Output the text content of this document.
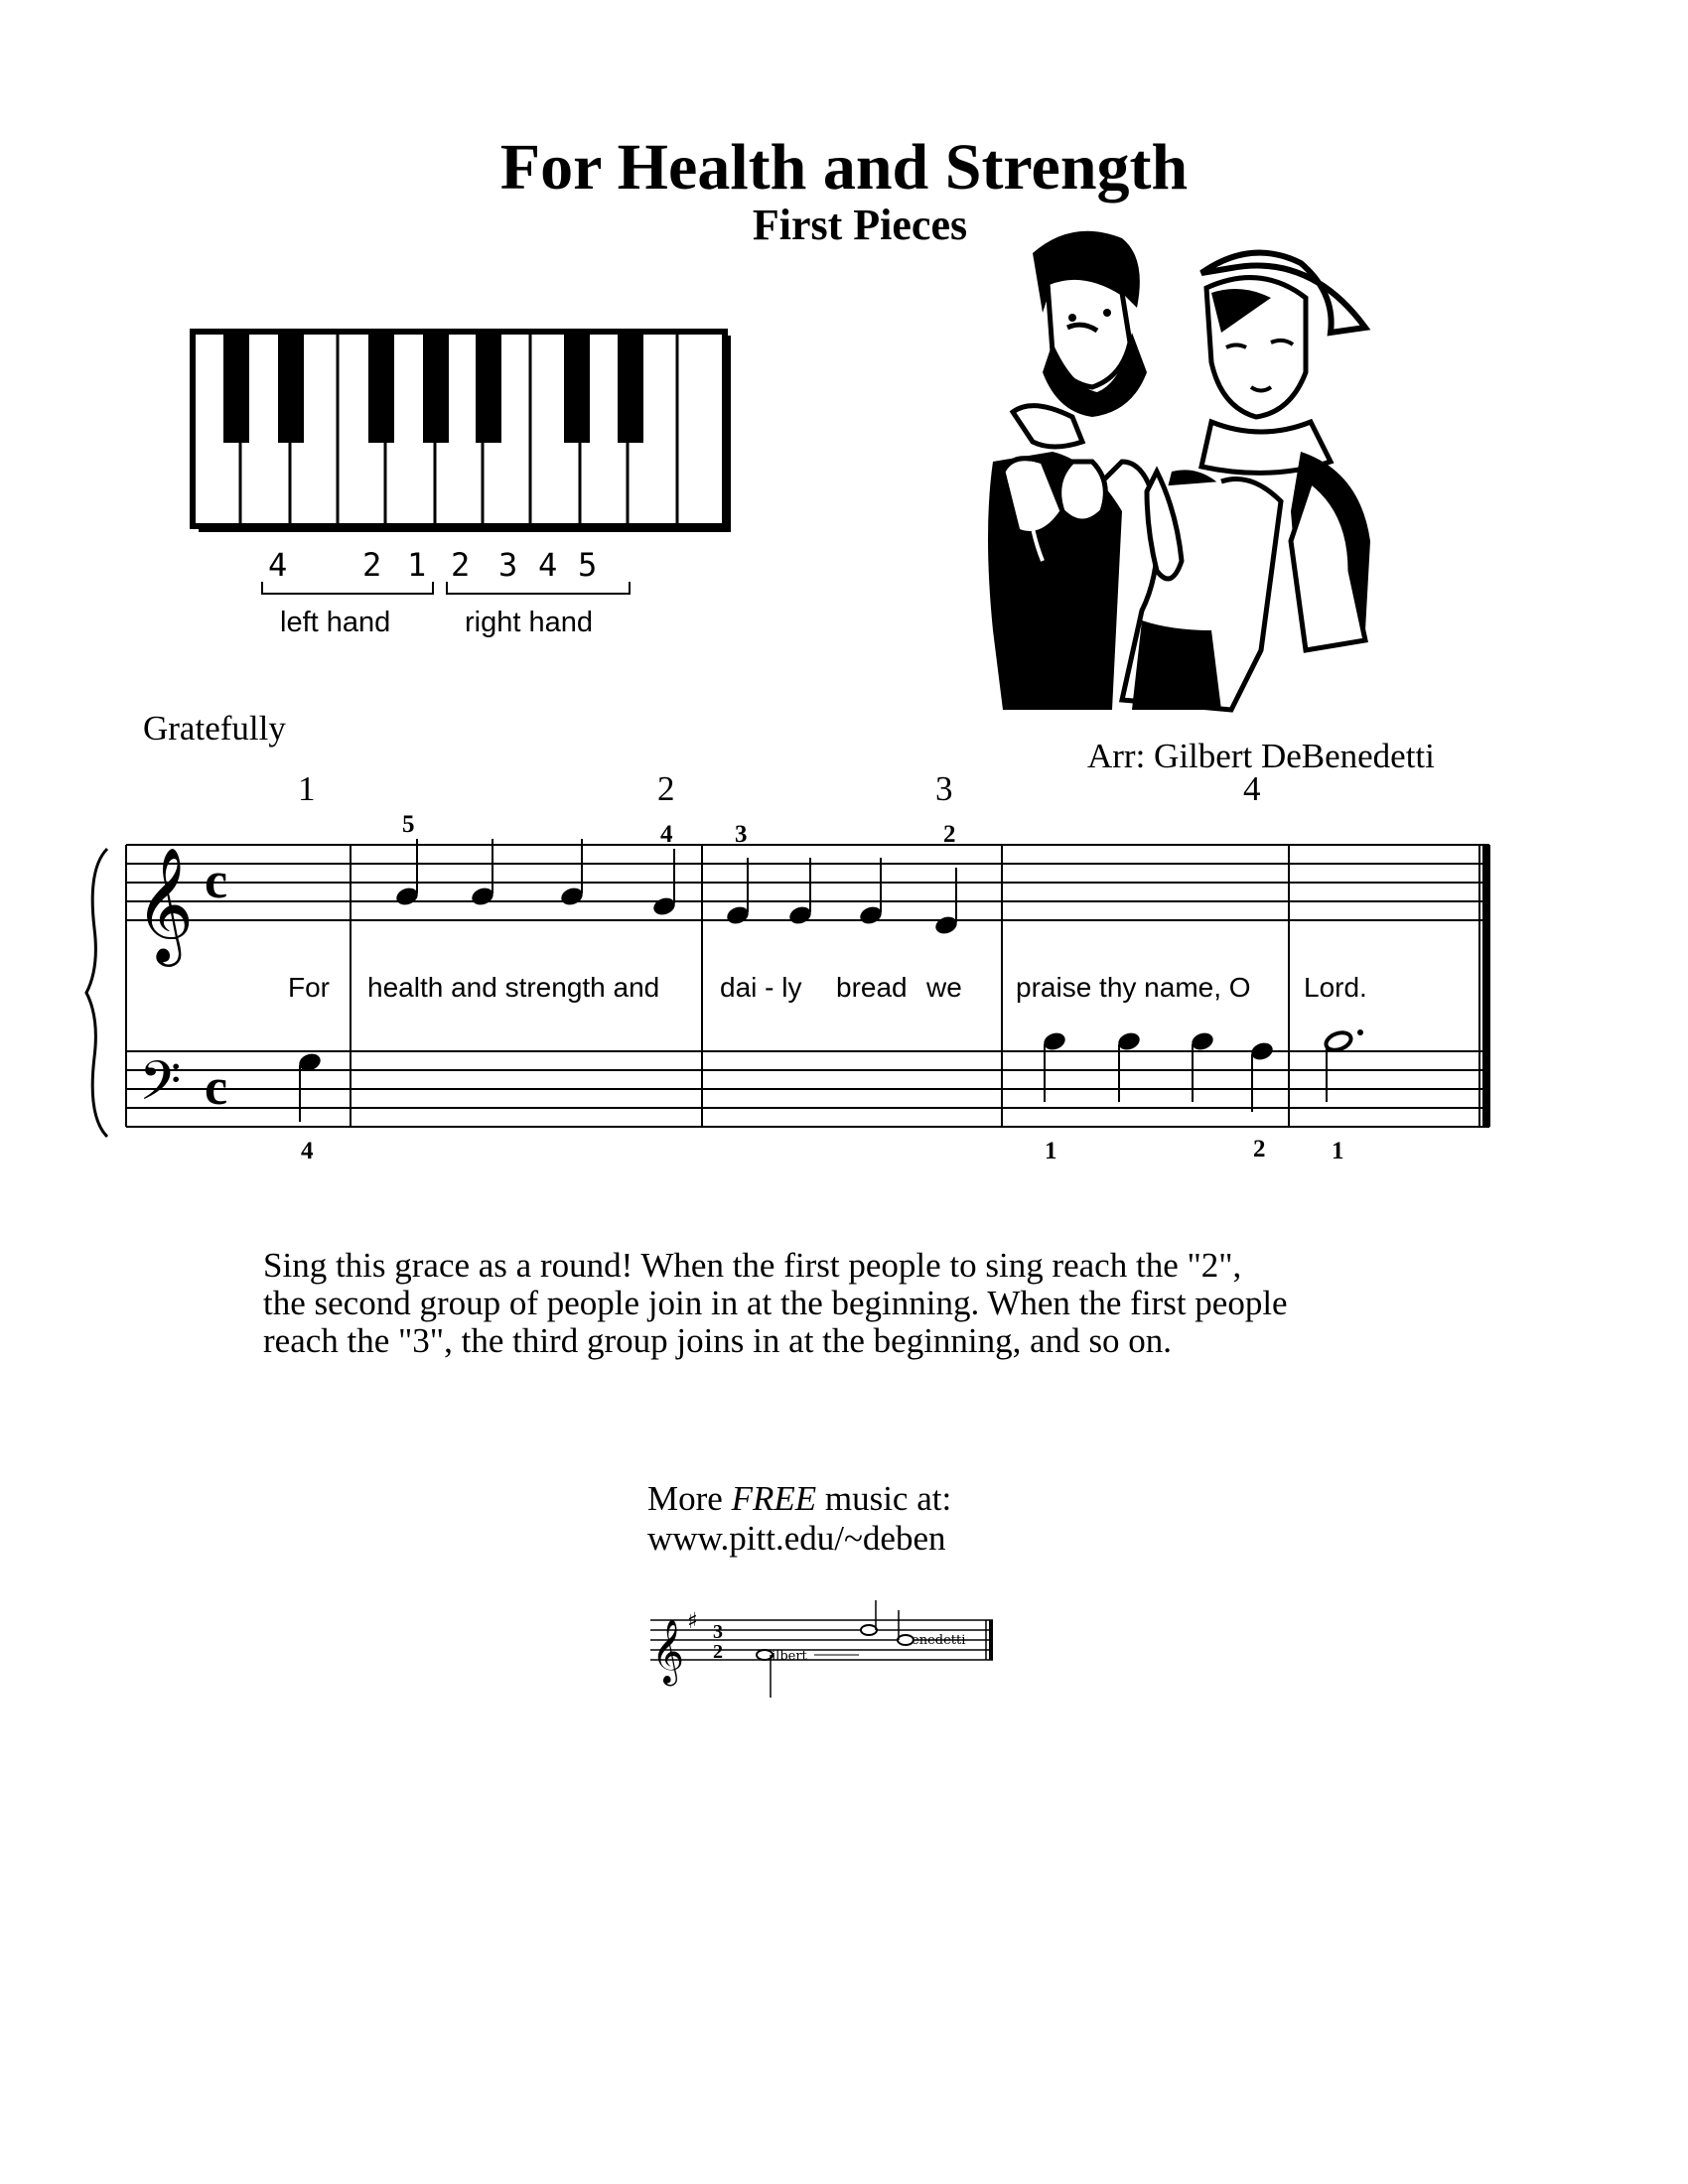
For Health and Strength
First Pieces
4 2 1 2 3 4 5
left hand	right hand
Gratefully
Arr: Gilbert DeBenedetti
1	2	3	4
𝄞
𝄢
c
c
5	4	3	2
4	1	2	1
For health and strength and dai - ly bread we praise thy name, O Lord.

Sing this grace as a round! When the first people to sing reach the "2",

the second group of people join in at the beginning. When the first people

reach the "3", the third group joins in at the beginning, and so on.

More FREE music at:
www.pitt.edu/~deben
𝄞 ♯ 3
2	ilbert
enedetti
